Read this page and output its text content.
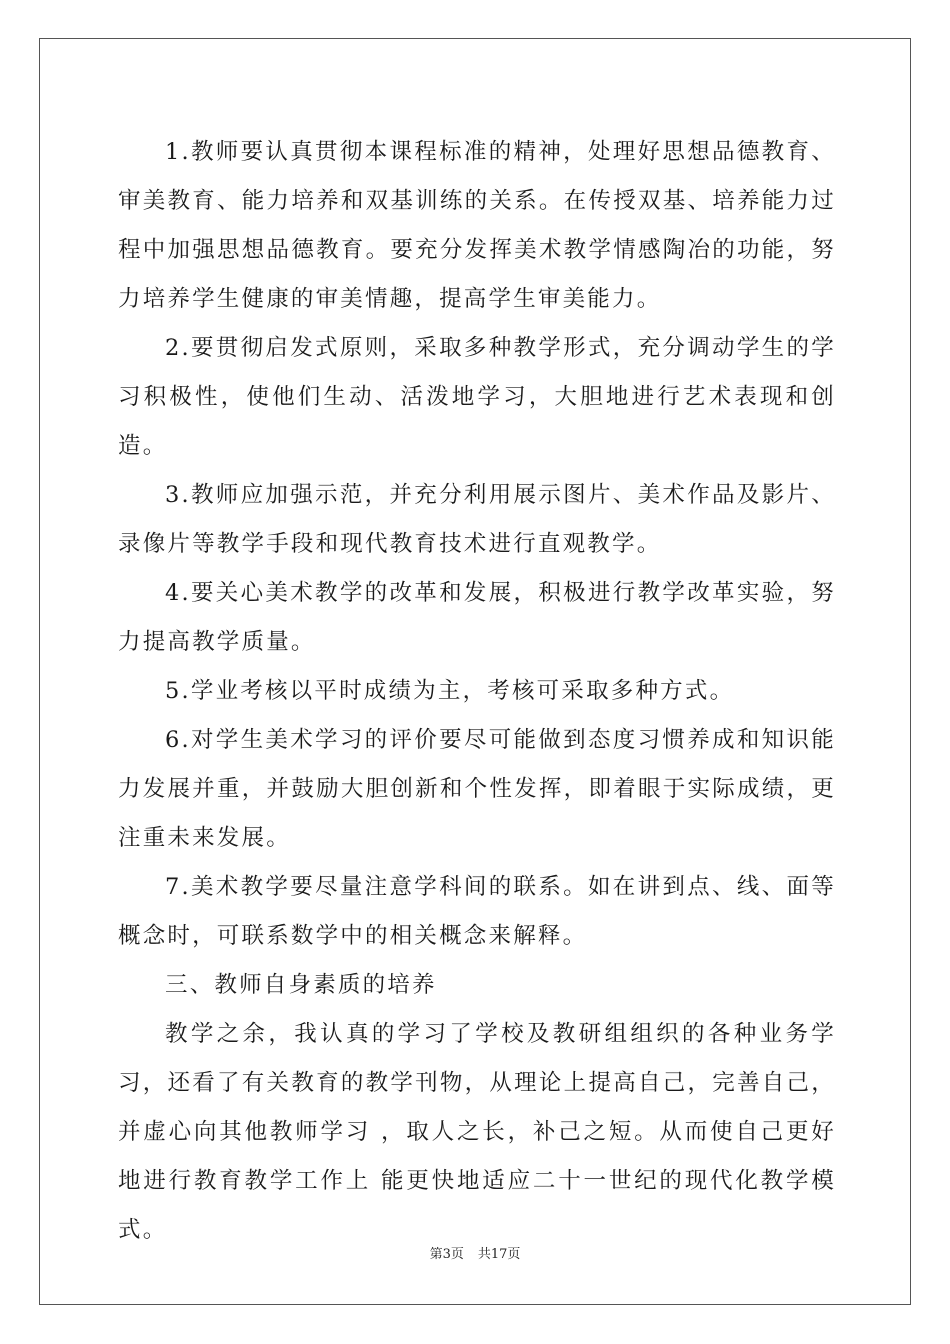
1.教师要认真贯彻本课程标准的精神，处理好思想品德教育、审美教育、能力培养和双基训练的关系。在传授双基、培养能力过程中加强思想品德教育。要充分发挥美术教学情感陶冶的功能，努力培养学生健康的审美情趣，提高学生审美能力。

2.要贯彻启发式原则，采取多种教学形式，充分调动学生的学习积极性，使他们生动、活泼地学习，大胆地进行艺术表现和创造。

3.教师应加强示范，并充分利用展示图片、美术作品及影片、录像片等教学手段和现代教育技术进行直观教学。

4.要关心美术教学的改革和发展，积极进行教学改革实验，努力提高教学质量。

5.学业考核以平时成绩为主，考核可采取多种方式。

6.对学生美术学习的评价要尽可能做到态度习惯养成和知识能力发展并重，并鼓励大胆创新和个性发挥，即着眼于实际成绩，更注重未来发展。

7.美术教学要尽量注意学科间的联系。如在讲到点、线、面等概念时，可联系数学中的相关概念来解释。

三、教师自身素质的培养

教学之余，我认真的学习了学校及教研组组织的各种业务学习，还看了有关教育的教学刊物，从理论上提高自己，完善自己，并虚心向其他教师学习 ，取人之长，补己之短。从而使自己更好地进行教育教学工作上 能更快地适应二十一世纪的现代化教学模式。

第3页 共17页
